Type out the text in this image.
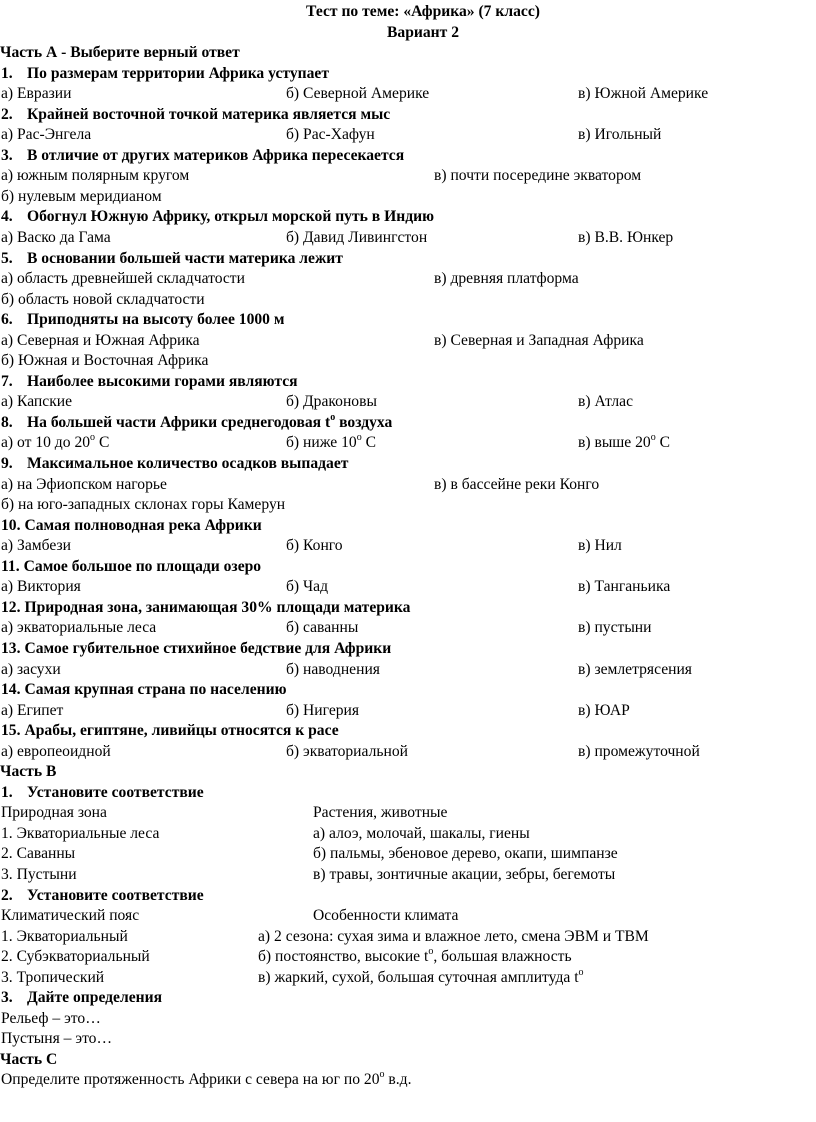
Тест по теме: «Африка» (7 класс)
Вариант 2
Часть А - Выберите верный ответ
1. По размерам территории Африка уступает
а) Евразии	б) Северной Америке	в) Южной Америке
2. Крайней восточной точкой материка является мыс
а) Рас-Энгела	б) Рас-Хафун	в) Игольный
3. В отличие от других материков Африка пересекается
а) южным полярным кругом	в) почти посередине экватором
б) нулевым меридианом
4. Обогнул Южную Африку, открыл морской путь в Индию
а) Васко да Гама	б) Давид Ливингстон	в) В.В. Юнкер
5. В основании большей части материка лежит
а) область древнейшей складчатости	в) древняя платформа
б) область новой складчатости
6. Приподняты на высоту более 1000 м
а) Северная и Южная Африка	в) Северная и Западная Африка
б) Южная и Восточная Африка
7. Наиболее высокими горами являются
а) Капские	б) Драконовы	в) Атлас
8. На большей части Африки среднегодовая $t^о$ воздуха
а) от 10 до $20^о$ С	б) ниже $10^о$ С	в) выше $20^о$ С
9. Максимальное количество осадков выпадает
а) на Эфиопском нагорье	в) в бассейне реки Конго
б) на юго-западных склонах горы Камерун
10. Самая полноводная река Африки
а) Замбези	б) Конго	в) Нил
11. Самое большое по площади озеро
а) Виктория	б) Чад	в) Танганьика
12. Природная зона, занимающая 30% площади материка
а) экваториальные леса	б) саванны	в) пустыни
13. Самое губительное стихийное бедствие для Африки
а) засухи	б) наводнения	в) землетрясения
14. Самая крупная страна по населению
а) Египет	б) Нигерия	в) ЮАР
15. Арабы, египтяне, ливийцы относятся к расе
а) европеоидной	б) экваториальной	в) промежуточной
Часть В
1. Установите соответствие
Природная зона	Растения, животные
1. Экваториальные леса	а) алоэ, молочай, шакалы, гиены
2. Саванны	б) пальмы, эбеновое дерево, окапи, шимпанзе
3. Пустыни	в) травы, зонтичные акации, зебры, бегемоты
2. Установите соответствие
Климатический пояс	Особенности климата
1. Экваториальный	а) 2 сезона: сухая зима и влажное лето, смена ЭВМ и ТВМ
2. Субэкваториальный	б) постоянство, высокие $t^о$, большая влажность
3. Тропический	в) жаркий, сухой, большая суточная амплитуда $t^о$
3. Дайте определения
Рельеф – это…
Пустыня – это…
Часть С
Определите протяженность Африки с севера на юг по $20^о$ в.д.
